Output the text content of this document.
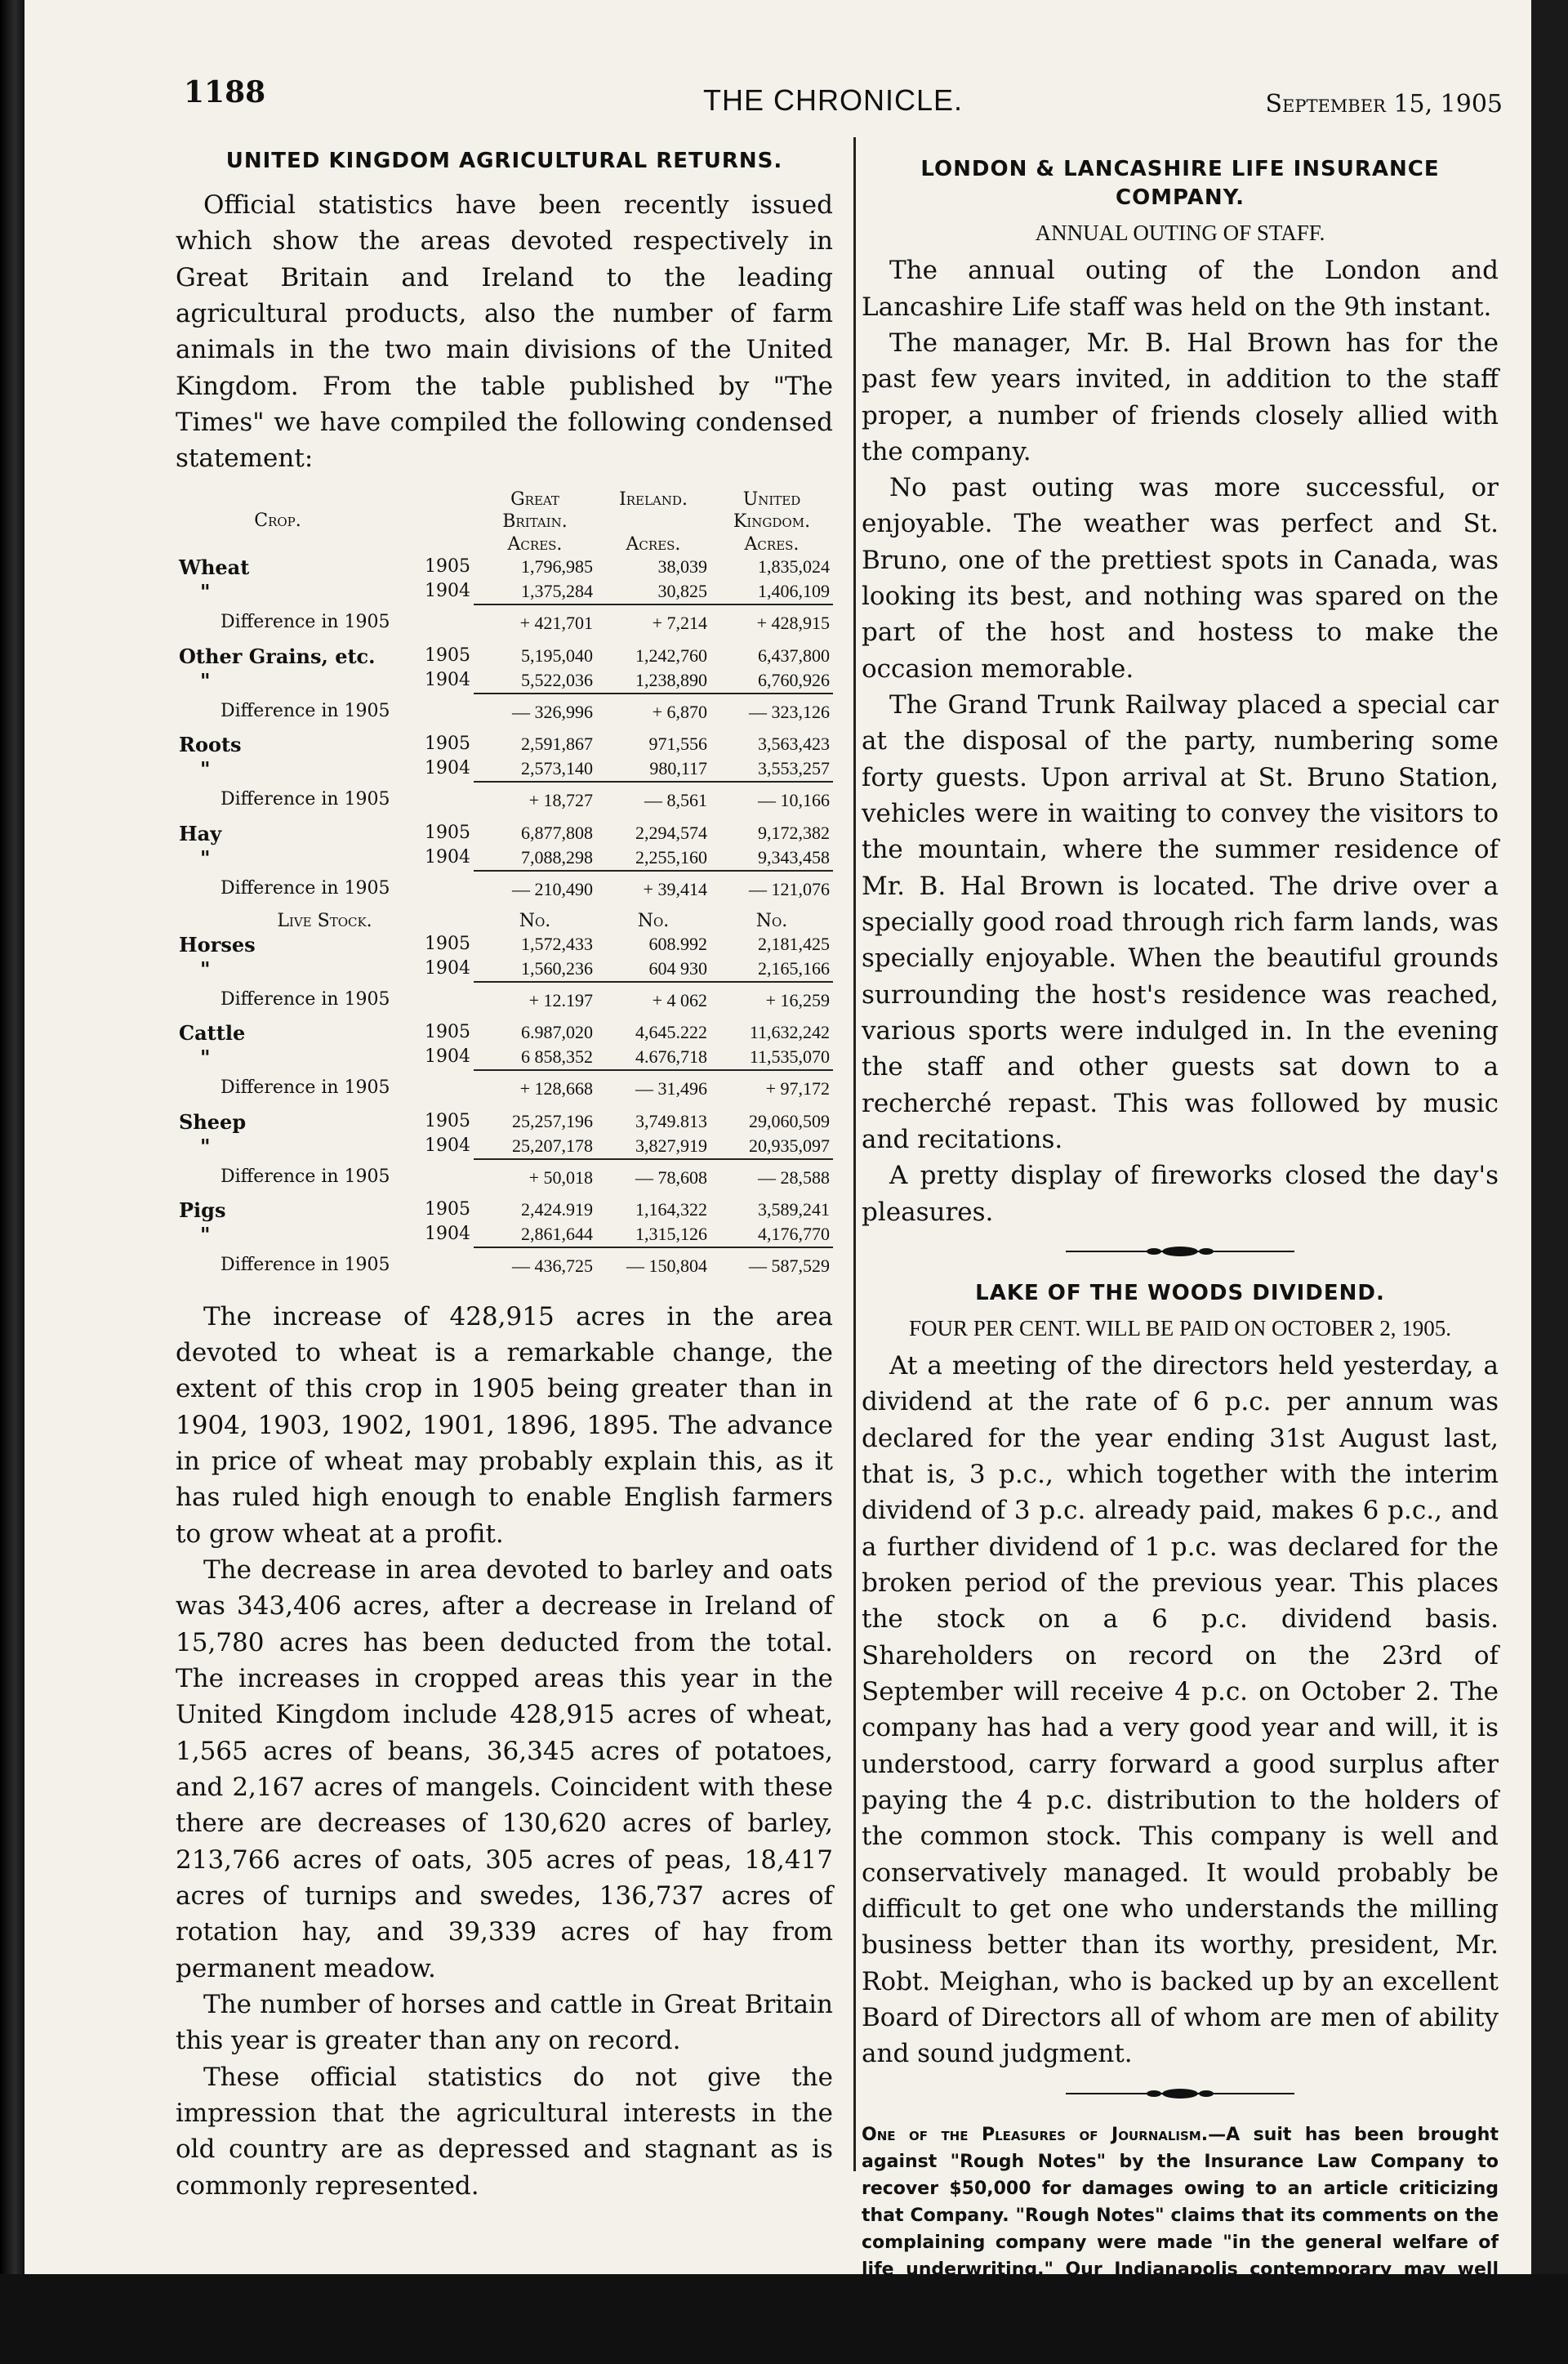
1188	THE CHRONICLE.	September 15, 1905
UNITED KINGDOM AGRICULTURAL RETURNS.

Official statistics have been recently issued which show the areas devoted respectively in Great Britain and Ireland to the leading agricultural products, also the number of farm animals in the two main divisions of the United Kingdom. From the table published by "The Times" we have compiled the following condensed statement:

Crop.		Great Britain.	Ireland.	United Kingdom.
		Acres.	Acres.	Acres.
Wheat	1905	1,796,985	38,039	1,835,024
"	1904	1,375,284	30,825	1,406,109
Difference in 1905		+ 421,701	+ 7,214	+ 428,915
Other Grains, etc.	1905	5,195,040	1,242,760	6,437,800
"	1904	5,522,036	1,238,890	6,760,926
Difference in 1905		— 326,996	+ 6,870	— 323,126
Roots	1905	2,591,867	971,556	3,563,423
"	1904	2,573,140	980,117	3,553,257
Difference in 1905		+ 18,727	— 8,561	— 10,166
Hay	1905	6,877,808	2,294,574	9,172,382
"	1904	7,088,298	2,255,160	9,343,458
Difference in 1905		— 210,490	+ 39,414	— 121,076
Live Stock.		No.	No.	No.
Horses	1905	1,572,433	608.992	2,181,425
"	1904	1,560,236	604 930	2,165,166
Difference in 1905		+ 12.197	+ 4 062	+ 16,259
Cattle	1905	6.987,020	4,645.222	11,632,242
"	1904	6 858,352	4.676,718	11,535,070
Difference in 1905		+ 128,668	— 31,496	+ 97,172
Sheep	1905	25,257,196	3,749.813	29,060,509
"	1904	25,207,178	3,827,919	20,935,097
Difference in 1905		+ 50,018	— 78,608	— 28,588
Pigs	1905	2,424.919	1,164,322	3,589,241
"	1904	2,861,644	1,315,126	4,176,770
Difference in 1905		— 436,725	— 150,804	— 587,529

The increase of 428,915 acres in the area devoted to wheat is a remarkable change, the extent of this crop in 1905 being greater than in 1904, 1903, 1902, 1901, 1896, 1895. The advance in price of wheat may probably explain this, as it has ruled high enough to enable English farmers to grow wheat at a profit.

The decrease in area devoted to barley and oats was 343,406 acres, after a decrease in Ireland of 15,780 acres has been deducted from the total. The increases in cropped areas this year in the United Kingdom include 428,915 acres of wheat, 1,565 acres of beans, 36,345 acres of potatoes, and 2,167 acres of mangels. Coincident with these there are decreases of 130,620 acres of barley, 213,766 acres of oats, 305 acres of peas, 18,417 acres of turnips and swedes, 136,737 acres of rotation hay, and 39,339 acres of hay from permanent meadow.

The number of horses and cattle in Great Britain this year is greater than any on record.

These official statistics do not give the impression that the agricultural interests in the old country are as depressed and stagnant as is commonly represented.

LONDON & LANCASHIRE LIFE INSURANCE COMPANY.
ANNUAL OUTING OF STAFF.

The annual outing of the London and Lancashire Life staff was held on the 9th instant.

The manager, Mr. B. Hal Brown has for the past few years invited, in addition to the staff proper, a number of friends closely allied with the company.

No past outing was more successful, or enjoyable. The weather was perfect and St. Bruno, one of the prettiest spots in Canada, was looking its best, and nothing was spared on the part of the host and hostess to make the occasion memorable.

The Grand Trunk Railway placed a special car at the disposal of the party, numbering some forty guests. Upon arrival at St. Bruno Station, vehicles were in waiting to convey the visitors to the mountain, where the summer residence of Mr. B. Hal Brown is located. The drive over a specially good road through rich farm lands, was specially enjoyable. When the beautiful grounds surrounding the host's residence was reached, various sports were indulged in. In the evening the staff and other guests sat down to a recherché repast. This was followed by music and recitations.

A pretty display of fireworks closed the day's pleasures.

LAKE OF THE WOODS DIVIDEND.
FOUR PER CENT. WILL BE PAID ON OCTOBER 2, 1905.

At a meeting of the directors held yesterday, a dividend at the rate of 6 p.c. per annum was declared for the year ending 31st August last, that is, 3 p.c., which together with the interim dividend of 3 p.c. already paid, makes 6 p.c., and a further dividend of 1 p.c. was declared for the broken period of the previous year. This places the stock on a 6 p.c. dividend basis. Shareholders on record on the 23rd of September will receive 4 p.c. on October 2. The company has had a very good year and will, it is understood, carry forward a good surplus after paying the 4 p.c. distribution to the holders of the common stock. This company is well and conservatively managed. It would probably be difficult to get one who understands the milling business better than its worthy, president, Mr. Robt. Meighan, who is backed up by an excellent Board of Directors all of whom are men of ability and sound judgment.

One of the Pleasures of Journalism.—A suit has been brought against "Rough Notes" by the Insurance Law Company to recover $50,000 for damages owing to an article criticizing that Company. "Rough Notes" claims that its comments on the complaining company were made "in the general welfare of life underwriting." Our Indianapolis contemporary may well say this, for it has a clear record as an exponent and defender of the sound principles of life insurance. We wish it "a good deliverance" from this annoying suit.
